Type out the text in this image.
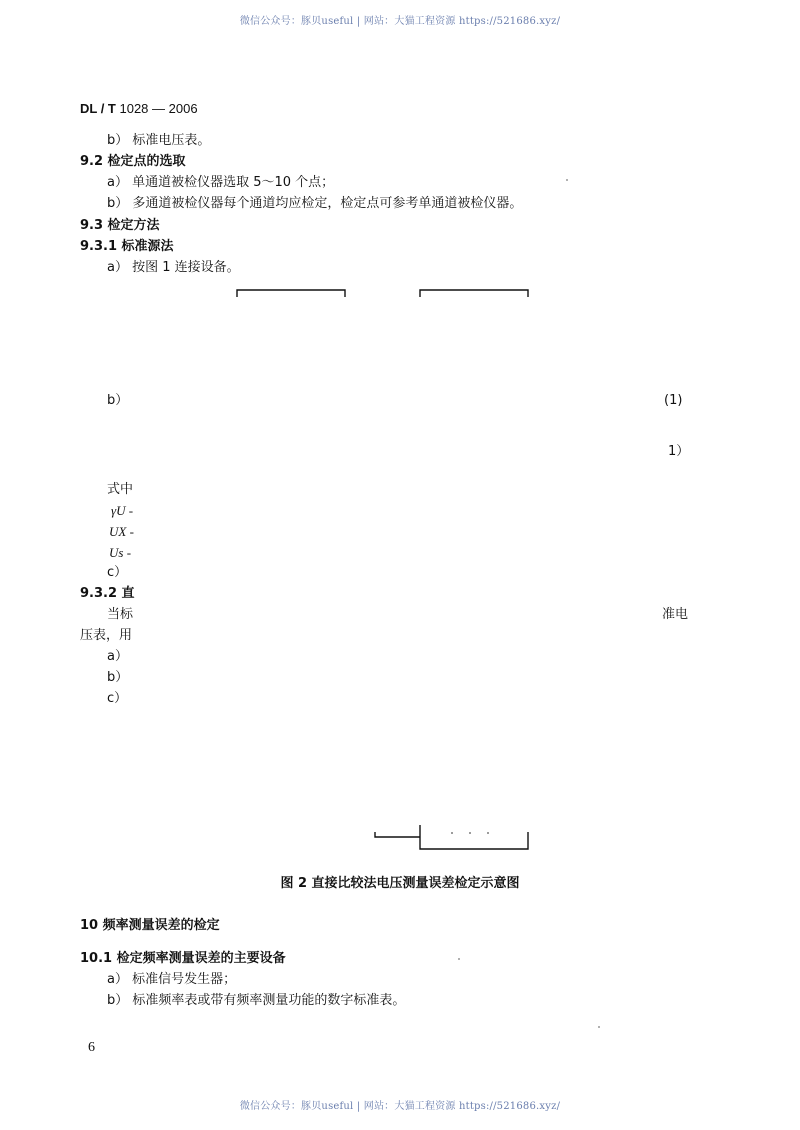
微信公众号：豚贝useful | 网站：大猫工程资源 https://521686.xyz/
DL / T 1028 — 2006
b） 标准电压表。
9.2 检定点的选取
a） 单通道被检仪器选取 5～10 个点；
b） 多通道被检仪器每个通道均应检定，检定点可参考单通道被检仪器。
9.3 检定方法
9.3.1 标准源法
a） 按图 1 连接设备。
b）	(1)
1）
式中
γU -
UX -
Us -
c）
9.3.2 直
当标	准电
压表，用
a）
b）
c）
图 2 直接比较法电压测量误差检定示意图
10 频率测量误差的检定
10.1 检定频率测量误差的主要设备
a） 标准信号发生器；
b） 标准频率表或带有频率测量功能的数字标准表。
6
微信公众号：豚贝useful | 网站：大猫工程资源 https://521686.xyz/
